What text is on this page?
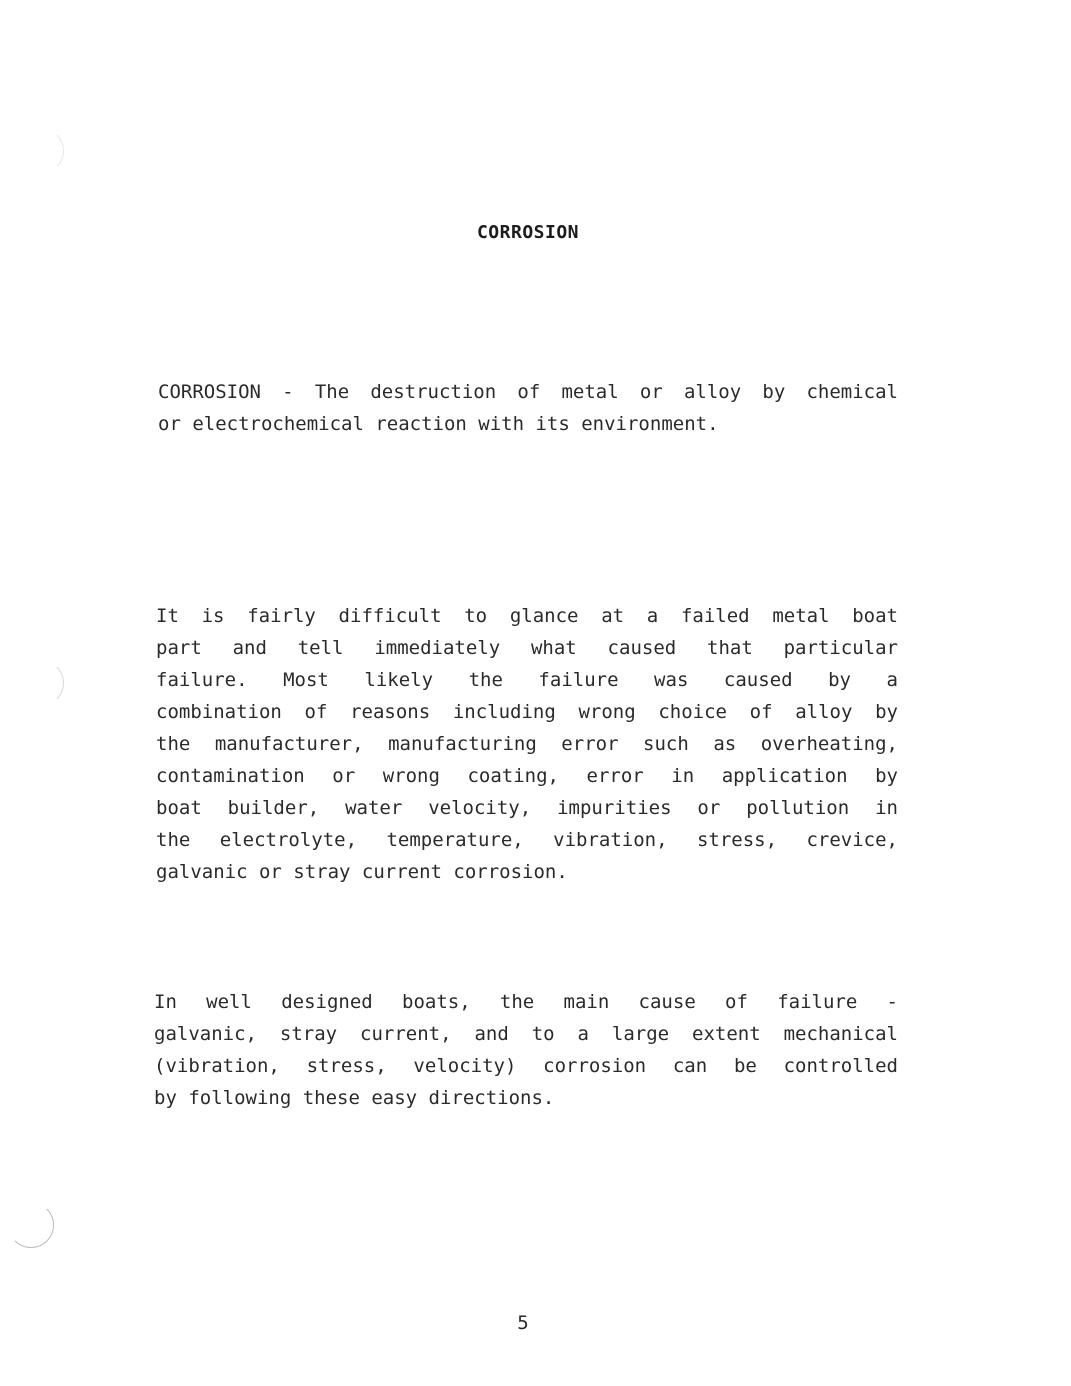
CORROSION

CORROSION - The destruction of metal or alloy by chemical
or electrochemical reaction with its environment.

It is fairly difficult to glance at a failed metal boat
part and tell immediately what caused that particular
failure. Most likely the failure was caused by a
combination of reasons including wrong choice of alloy by
the manufacturer, manufacturing error such as overheating,
contamination or wrong coating, error in application by
boat builder, water velocity, impurities or pollution in
the electrolyte, temperature, vibration, stress, crevice,
galvanic or stray current corrosion.

In well designed boats, the main cause of failure -
galvanic, stray current, and to a large extent mechanical
(vibration, stress, velocity) corrosion can be controlled
by following these easy directions.

5
